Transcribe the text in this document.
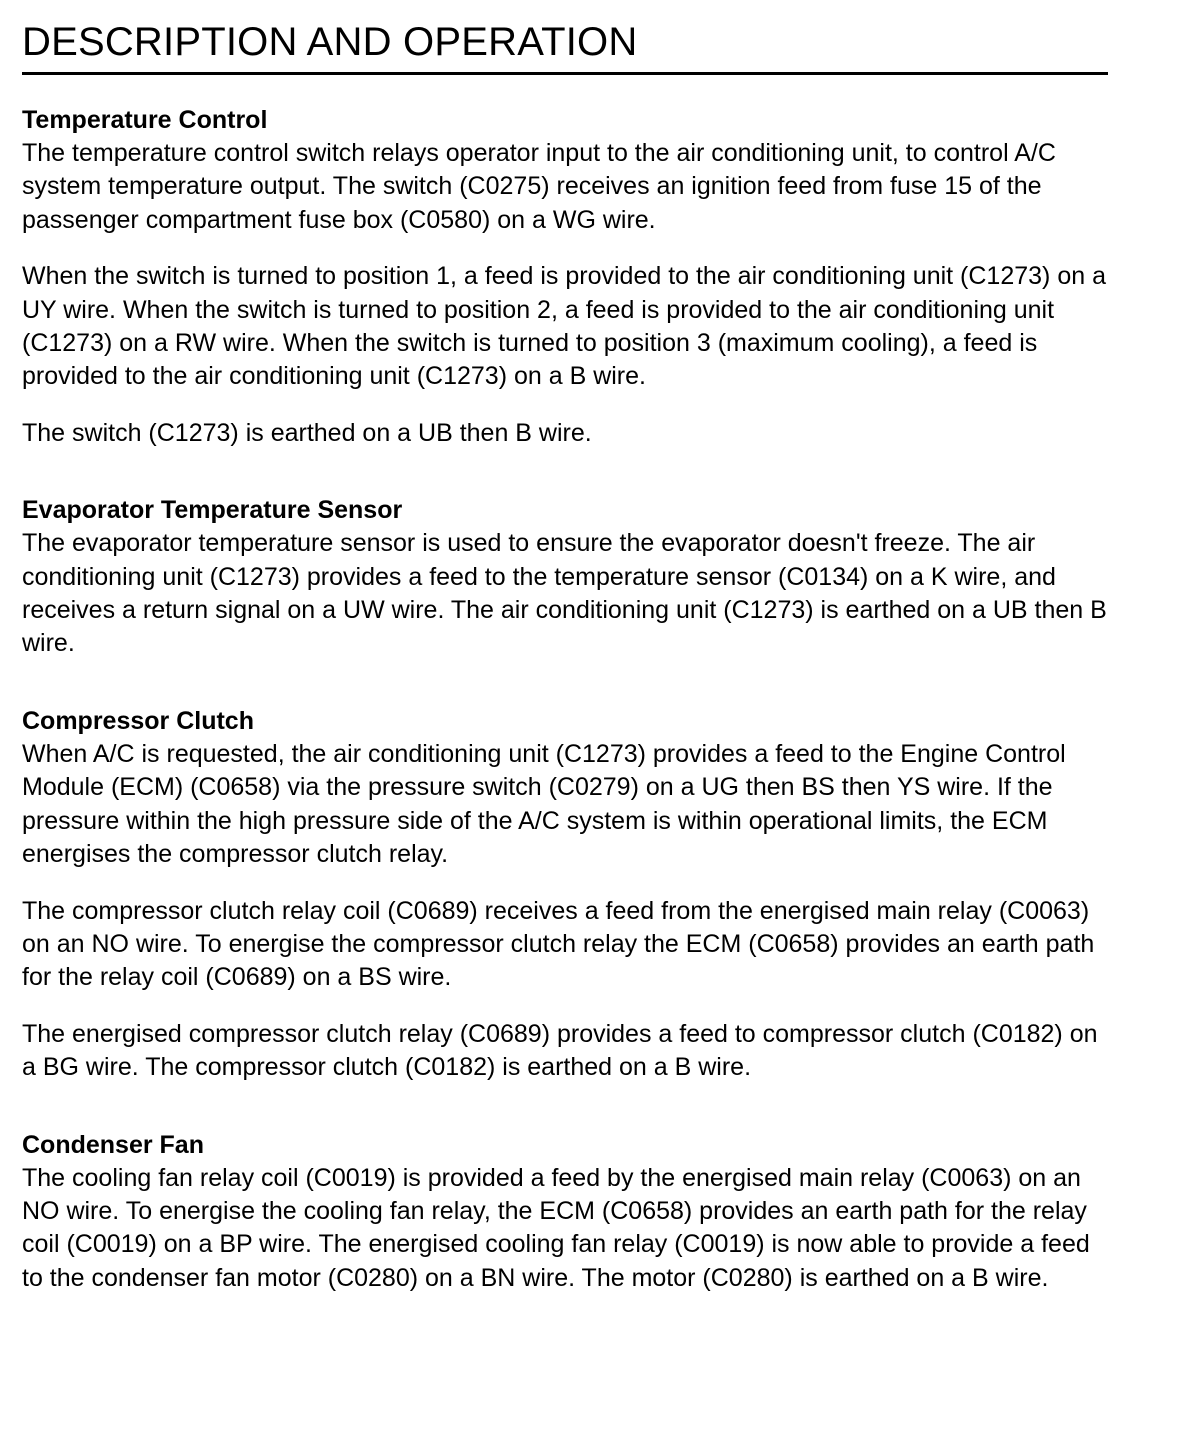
DESCRIPTION AND OPERATION
Temperature Control

The temperature control switch relays operator input to the air conditioning unit, to control A/C system temperature output. The switch (C0275) receives an ignition feed from fuse 15 of the passenger compartment fuse box (C0580) on a WG wire.

When the switch is turned to position 1, a feed is provided to the air conditioning unit (C1273) on a UY wire. When the switch is turned to position 2, a feed is provided to the air conditioning unit (C1273) on a RW wire. When the switch is turned to position 3 (maximum cooling), a feed is provided to the air conditioning unit (C1273) on a B wire.

The switch (C1273) is earthed on a UB then B wire.

Evaporator Temperature Sensor

The evaporator temperature sensor is used to ensure the evaporator doesn't freeze. The air conditioning unit (C1273) provides a feed to the temperature sensor (C0134) on a K wire, and receives a return signal on a UW wire. The air conditioning unit (C1273) is earthed on a UB then B wire.

Compressor Clutch

When A/C is requested, the air conditioning unit (C1273) provides a feed to the Engine Control Module (ECM) (C0658) via the pressure switch (C0279) on a UG then BS then YS wire. If the pressure within the high pressure side of the A/C system is within operational limits, the ECM energises the compressor clutch relay.

The compressor clutch relay coil (C0689) receives a feed from the energised main relay (C0063) on an NO wire. To energise the compressor clutch relay the ECM (C0658) provides an earth path for the relay coil (C0689) on a BS wire.

The energised compressor clutch relay (C0689) provides a feed to compressor clutch (C0182) on a BG wire. The compressor clutch (C0182) is earthed on a B wire.

Condenser Fan

The cooling fan relay coil (C0019) is provided a feed by the energised main relay (C0063) on an NO wire. To energise the cooling fan relay, the ECM (C0658) provides an earth path for the relay coil (C0019) on a BP wire. The energised cooling fan relay (C0019) is now able to provide a feed to the condenser fan motor (C0280) on a BN wire. The motor (C0280) is earthed on a B wire.
